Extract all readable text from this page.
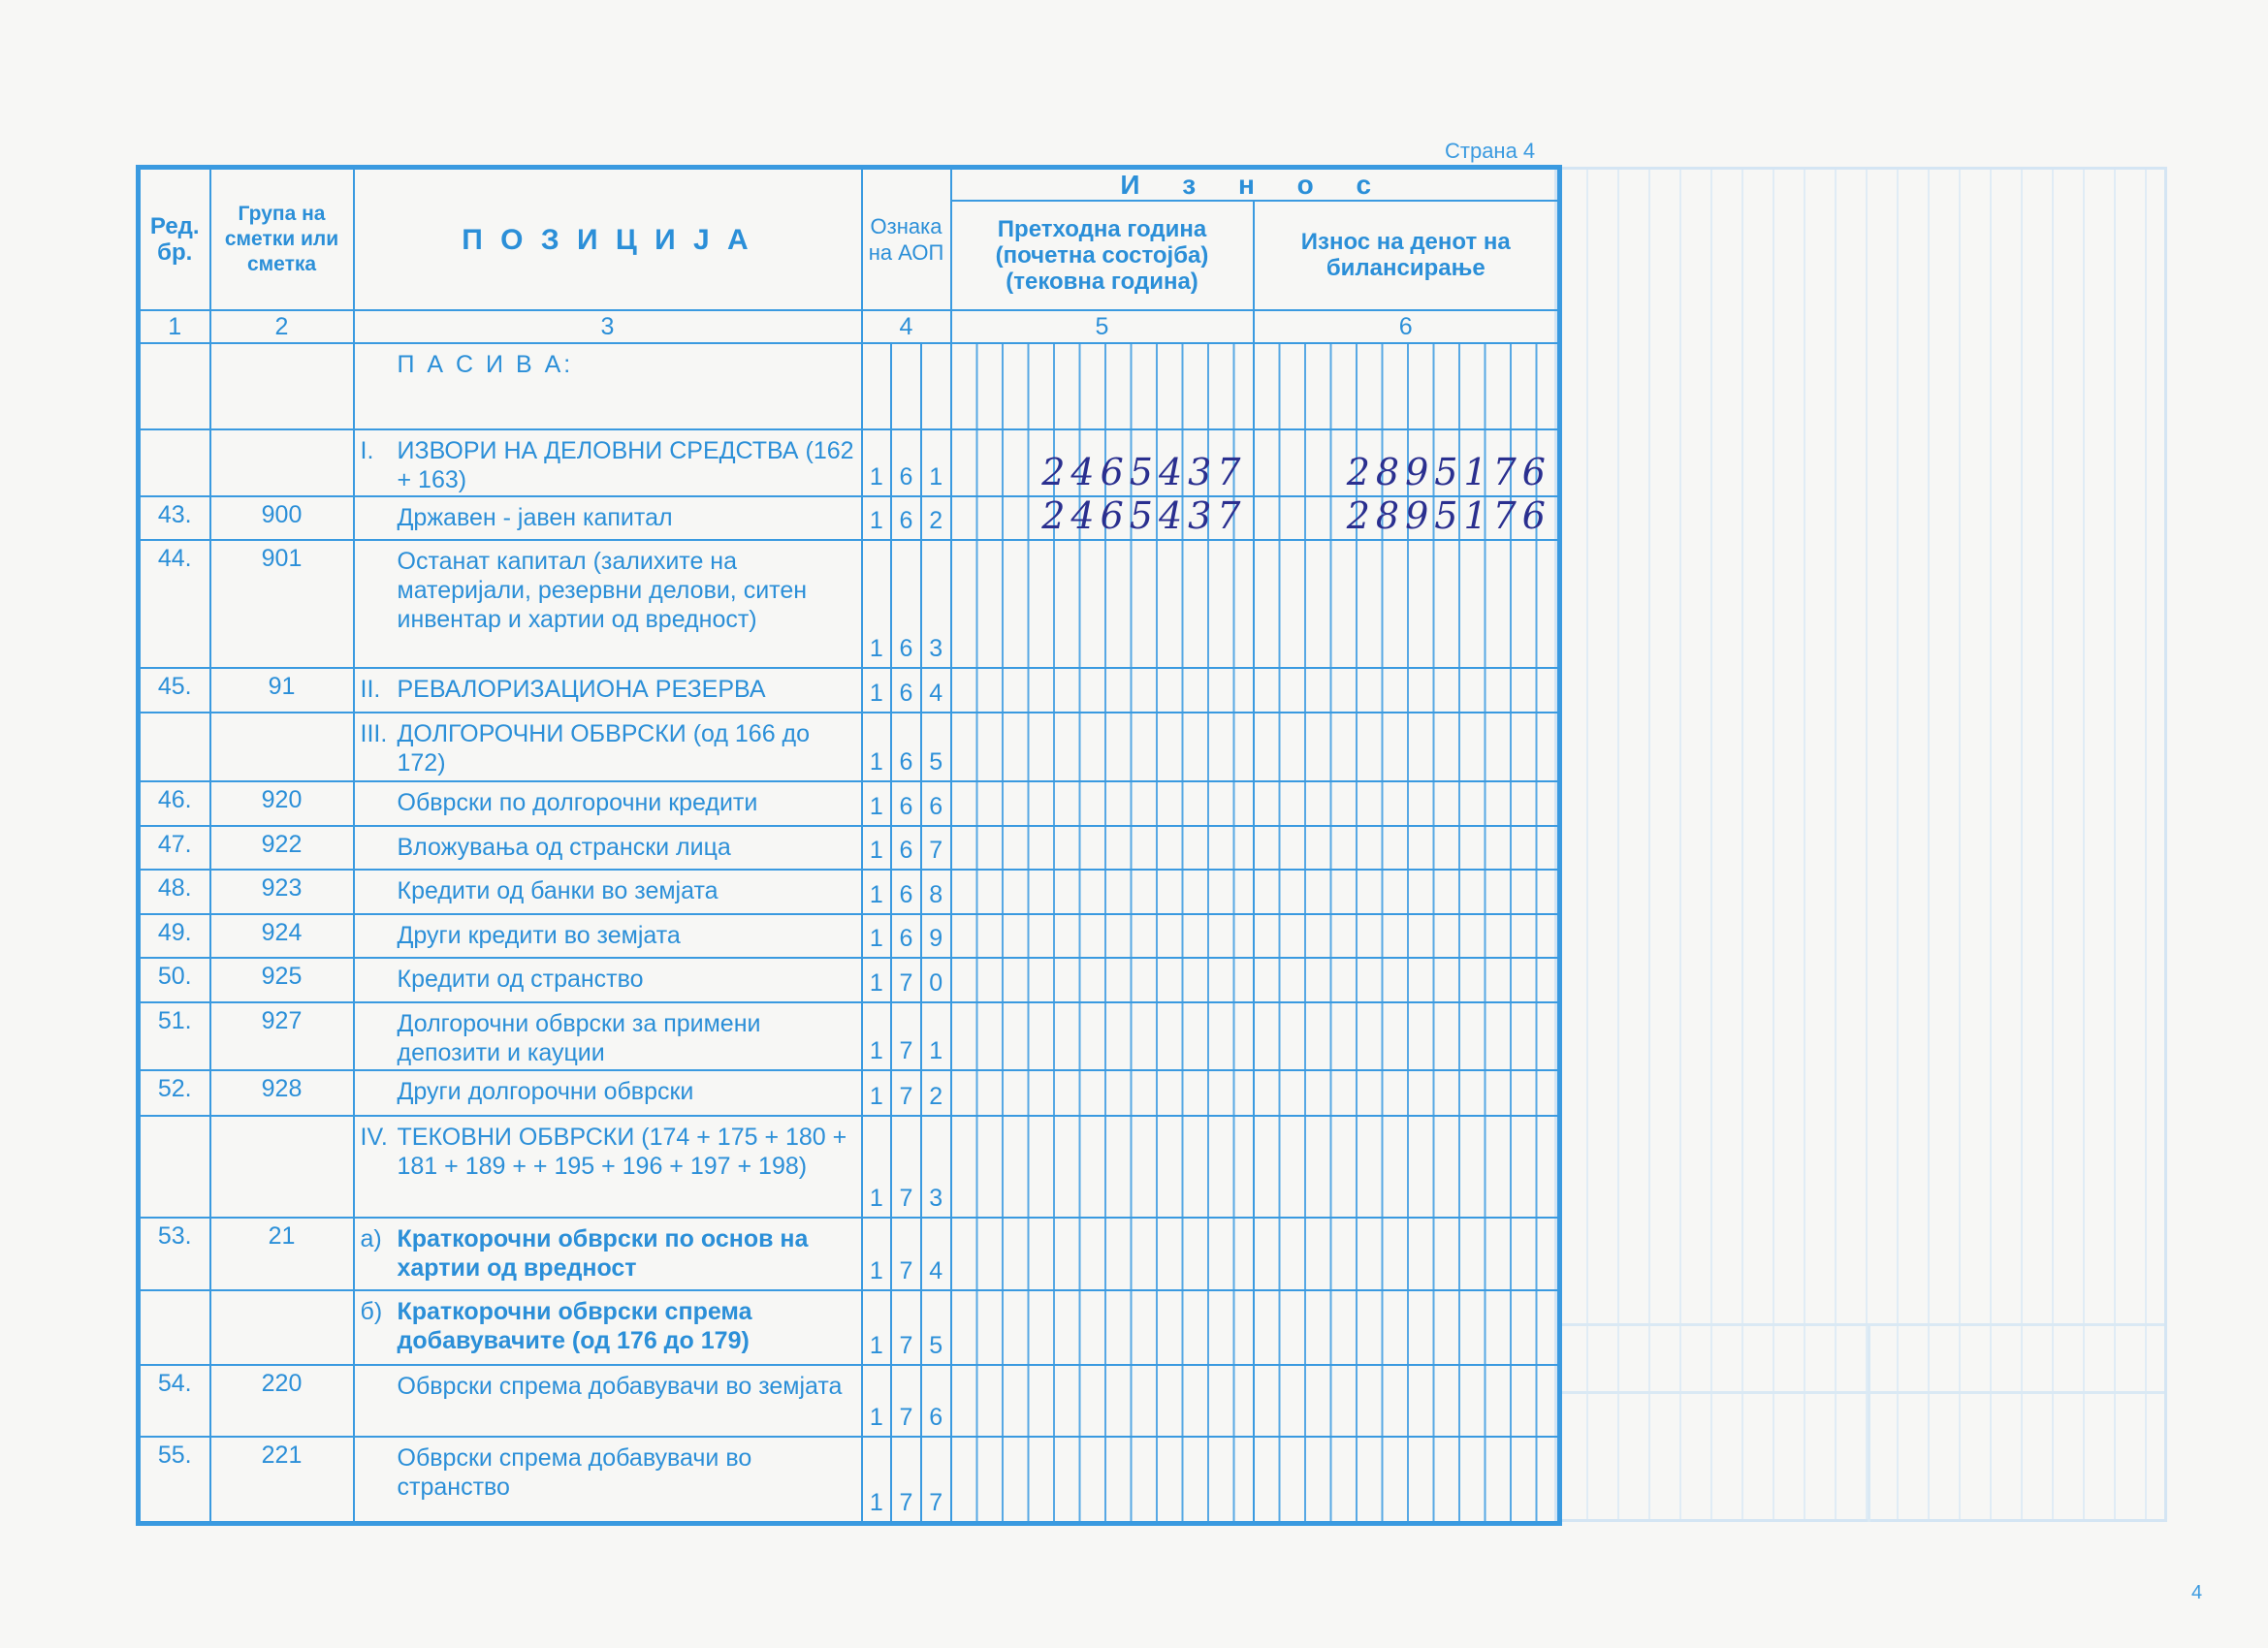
Страна 4
Ред. бр.	Група на сметки или сметка	П О З И Ц И Ј А	Ознака на АОП	И з н о с	
				Претходна година (почетна состојба) (тековна година)	Износ на денот на билансирање
1	2	3	4	5	6

		П А С И В А:			

		I. ИЗВОРИ НА ДЕЛОВНИ СРЕДСТВА (162 + 163)	1 6 1	2465437	2895176

43.	900	Државен - јавен капитал	1 6 2	2465437	2895176

44.	901	Останат капитал (залихите на материјали, резервни делови, ситен инвентар и хартии од вредност)	1 6 3		

45.	91	II. РЕВАЛОРИЗАЦИОНА РЕЗЕРВА	1 6 4		

		III. ДОЛГОРОЧНИ ОБВРСКИ (од 166 до 172)	1 6 5		

46.	920	Обврски по долгорочни кредити	1 6 6		

47.	922	Вложувања од странски лица	1 6 7		

48.	923	Кредити од банки во земјата	1 6 8		

49.	924	Други кредити во земјата	1 6 9		

50.	925	Кредити од странство	1 7 0		

51.	927	Долгорочни обврски за примени депозити и кауции	1 7 1		

52.	928	Други долгорочни обврски	1 7 2		

		IV. ТЕКОВНИ ОБВРСКИ (174 + 175 + 180 + 181 + 189 + + 195 + 196 + 197 + 198)	1 7 3		

53.	21	а) Краткорочни обврски по основ на хартии од вредност	1 7 4		

		б) Краткорочни обврски спрема добавувачите (од 176 до 179)	1 7 5		

54.	220	Обврски спрема добавувачи во земјата	1 7 6		

55.	221	Обврски спрема добавувачи во странство	1 7 7		

4
